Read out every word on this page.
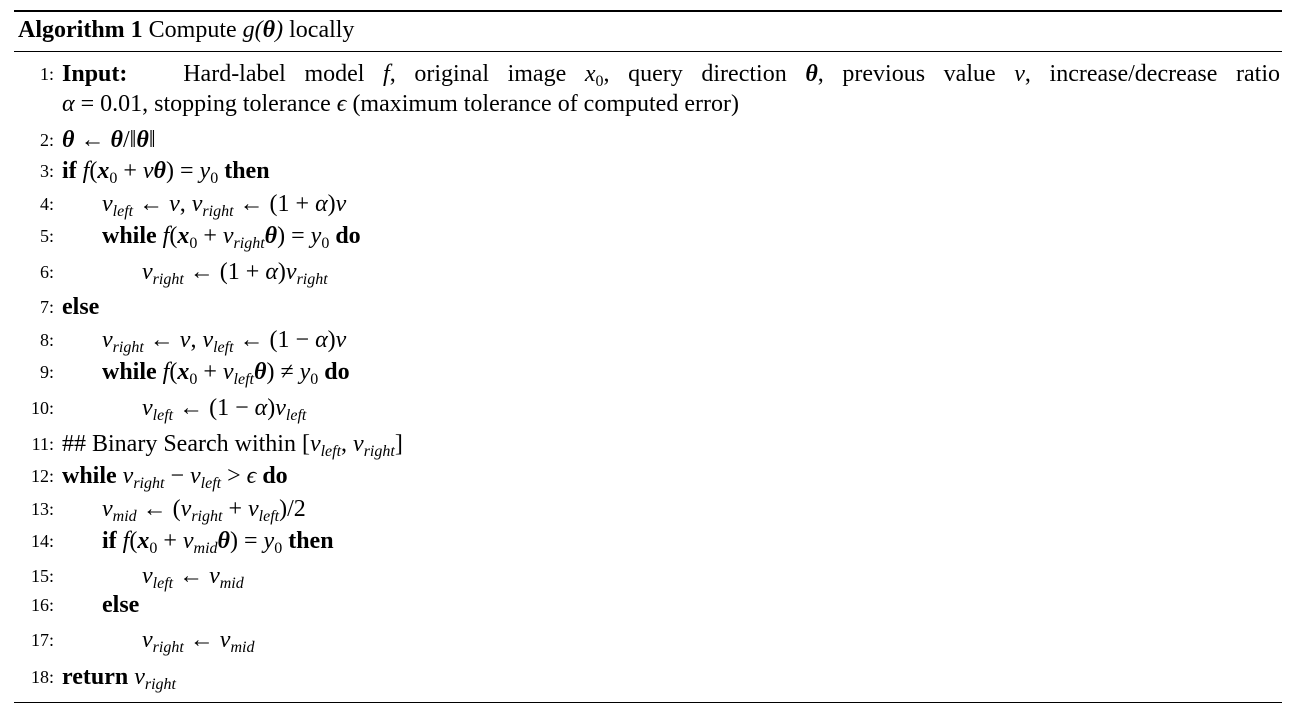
Algorithm 1 Compute g(θ) locally
1: Input:   Hard-label model f, original image $x_0$, query direction θ, previous value v, increase/decrease ratio
α = 0.01, stopping tolerance ϵ (maximum tolerance of computed error)
2: θ ← θ/‖θ‖
3: if $f(x_0 + v\theta) = y_0$ then
4: $v_{left}$ ← v, $v_{right}$ ← (1 + α)v
5: while $f(x_0 + v_{right}\theta) = y_0$ do
6:	$v_{right}$ ← $(1 + \alpha)v_{right}$
7: else
8: $v_{right}$ ← v, $v_{left}$ ← (1 − α)v
9: while $f(x_0 + v_{left}\theta) \ne y_0$ do
10:	$v_{left}$ ← $(1 - \alpha)v_{left}$
11: ## Binary Search within [$v_{left}$, $v_{right}$]
12: while $v_{right} - v_{left} > \epsilon$ do
13: $v_{mid}$ ← $(v_{right} + v_{left})/2$
14: if $f(x_0 + v_{mid}\theta) = y_0$ then
15:	$v_{left}$ ← $v_{mid}$
16: else
17:	$v_{right}$ ← $v_{mid}$
18: return $v_{right}$
